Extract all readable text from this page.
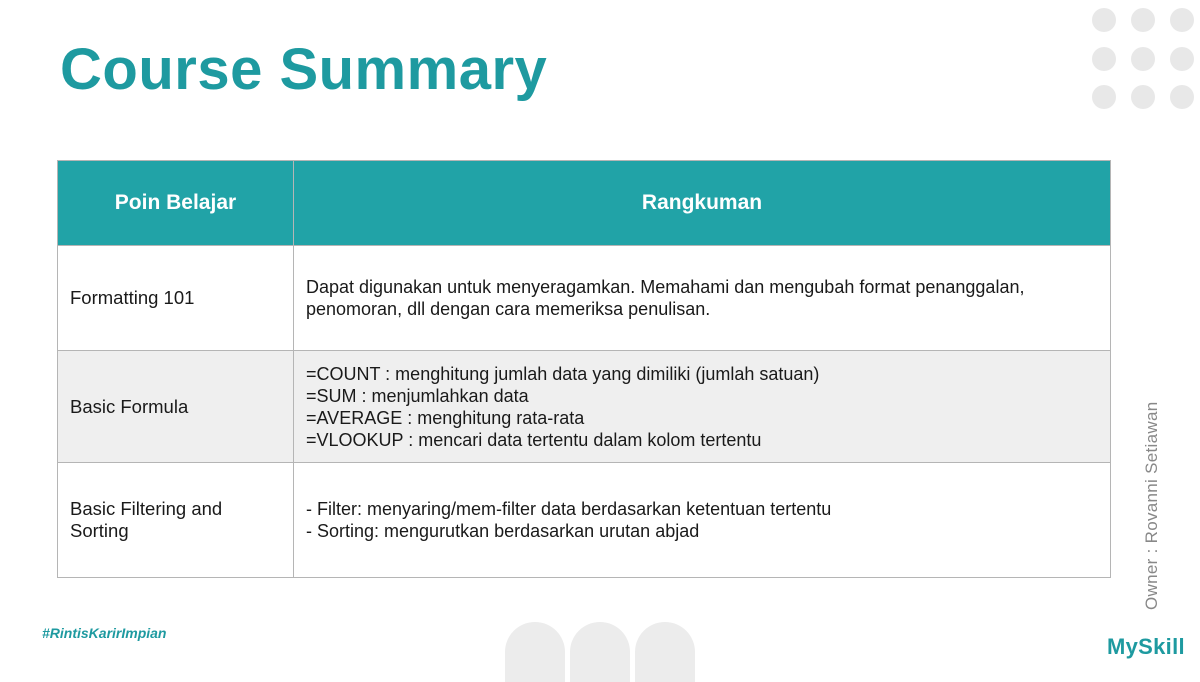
Course Summary
Poin Belajar	Rangkuman
Formatting 101	Dapat digunakan untuk menyeragamkan. Memahami dan mengubah format penanggalan,
penomoran, dll dengan cara memeriksa penulisan.

Basic Formula	=COUNT : menghitung jumlah data yang dimiliki (jumlah satuan)
=SUM : menjumlahkan data
=AVERAGE : menghitung rata-rata
=VLOOKUP : mencari data tertentu dalam kolom tertentu

Basic Filtering and Sorting	- Filter: menyaring/mem-filter data berdasarkan ketentuan tertentu
- Sorting: mengurutkan berdasarkan urutan abjad	Owner : Rovanni Setiawan
#RintisKarirImpian
MySkill
